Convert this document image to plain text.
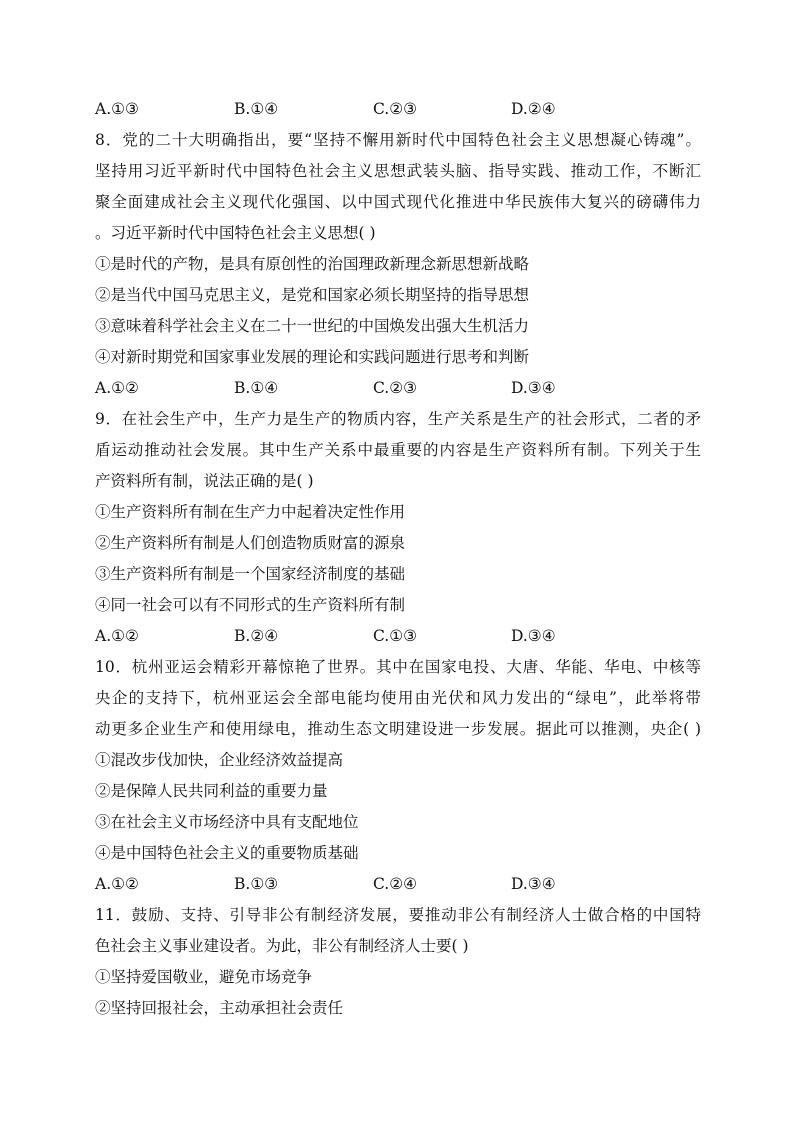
A.①③	B.①④	C.②③	D.②④
8．党的二十大明确指出，要“坚持不懈用新时代中国特色社会主义思想凝心铸魂”。
坚持用习近平新时代中国特色社会主义思想武装头脑、指导实践、推动工作，不断汇
聚全面建成社会主义现代化强国、以中国式现代化推进中华民族伟大复兴的磅礴伟力
。习近平新时代中国特色社会主义思想( )
①是时代的产物，是具有原创性的治国理政新理念新思想新战略
②是当代中国马克思主义，是党和国家必须长期坚持的指导思想
③意味着科学社会主义在二十一世纪的中国焕发出强大生机活力
④对新时期党和国家事业发展的理论和实践问题进行思考和判断
A.①②	B.①④	C.②③	D.③④
9．在社会生产中，生产力是生产的物质内容，生产关系是生产的社会形式，二者的矛
盾运动推动社会发展。其中生产关系中最重要的内容是生产资料所有制。下列关于生
产资料所有制，说法正确的是( )
①生产资料所有制在生产力中起着决定性作用
②生产资料所有制是人们创造物质财富的源泉
③生产资料所有制是一个国家经济制度的基础
④同一社会可以有不同形式的生产资料所有制
A.①②	B.②④	C.①③	D.③④
10．杭州亚运会精彩开幕惊艳了世界。其中在国家电投、大唐、华能、华电、中核等
央企的支持下，杭州亚运会全部电能均使用由光伏和风力发出的“绿电”，此举将带
动更多企业生产和使用绿电，推动生态文明建设进一步发展。据此可以推测，央企( )
①混改步伐加快，企业经济效益提高
②是保障人民共同利益的重要力量
③在社会主义市场经济中具有支配地位
④是中国特色社会主义的重要物质基础
A.①②	B.①③	C.②④	D.③④
11．鼓励、支持、引导非公有制经济发展，要推动非公有制经济人士做合格的中国特
色社会主义事业建设者。为此，非公有制经济人士要( )
①坚持爱国敬业，避免市场竞争
②坚持回报社会，主动承担社会责任
